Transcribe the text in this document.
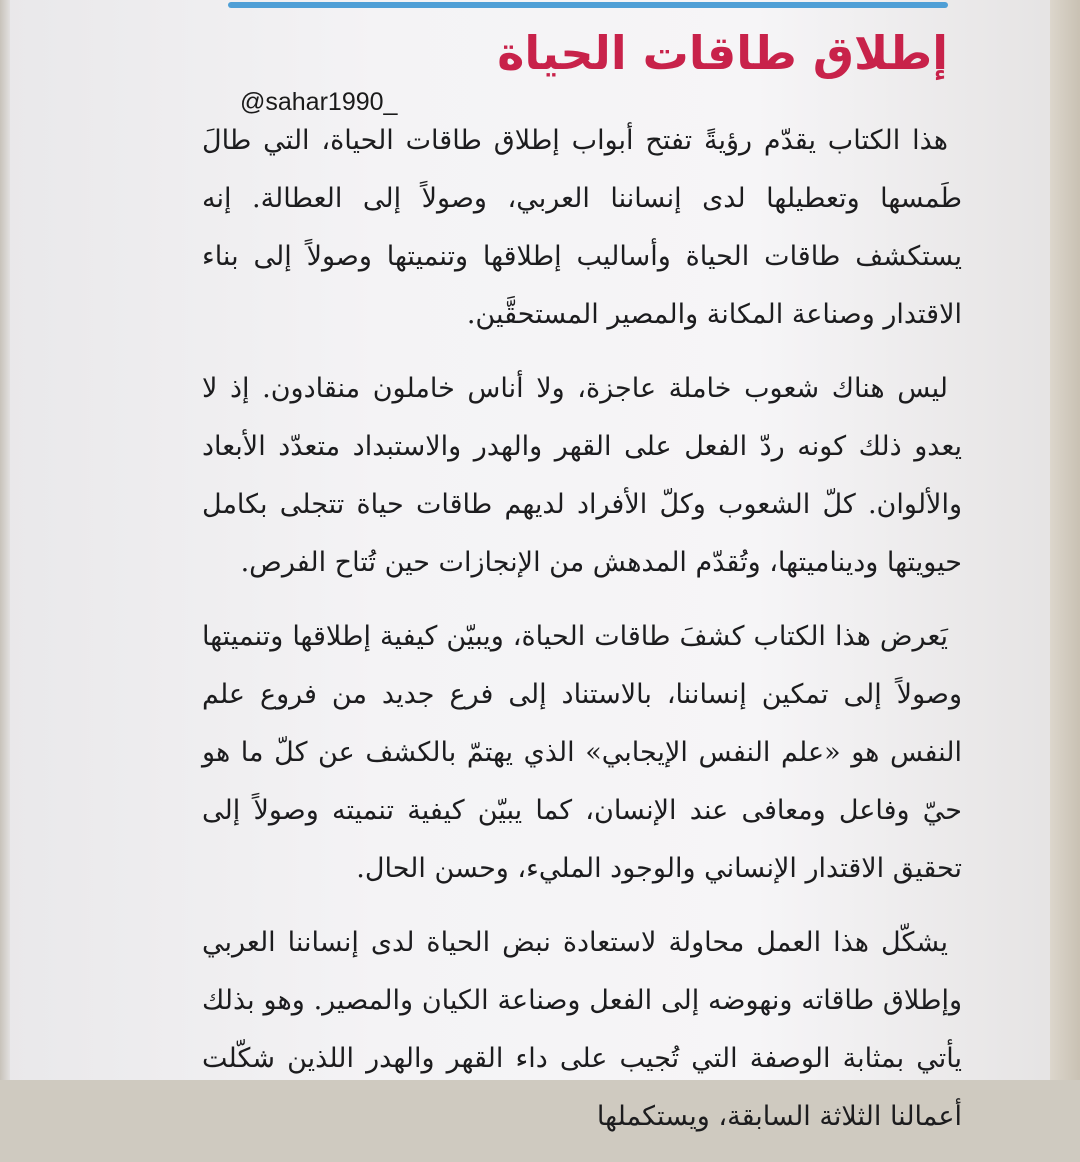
إطلاق طاقات الحياة
@sahar1990_

هذا الكتاب يقدّم رؤيةً تفتح أبواب إطلاق طاقات الحياة، التي طالَ طَمسها وتعطيلها لدى إنساننا العربي، وصولاً إلى العطالة. إنه يستكشف طاقات الحياة وأساليب إطلاقها وتنميتها وصولاً إلى بناء الاقتدار وصناعة المكانة والمصير المستحقَّين.

ليس هناك شعوب خاملة عاجزة، ولا أناس خاملون منقادون. إذ لا يعدو ذلك كونه ردّ الفعل على القهر والهدر والاستبداد متعدّد الأبعاد والألوان. كلّ الشعوب وكلّ الأفراد لديهم طاقات حياة تتجلى بكامل حيويتها وديناميتها، وتُقدّم المدهش من الإنجازات حين تُتاح الفرص.

يَعرض هذا الكتاب كشفَ طاقات الحياة، ويبيّن كيفية إطلاقها وتنميتها وصولاً إلى تمكين إنساننا، بالاستناد إلى فرع جديد من فروع علم النفس هو «علم النفس الإيجابي» الذي يهتمّ بالكشف عن كلّ ما هو حيّ وفاعل ومعافى عند الإنسان، كما يبيّن كيفية تنميته وصولاً إلى تحقيق الاقتدار الإنساني والوجود المليء، وحسن الحال.

يشكّل هذا العمل محاولة لاستعادة نبض الحياة لدى إنساننا العربي وإطلاق طاقاته ونهوضه إلى الفعل وصناعة الكيان والمصير. وهو بذلك يأتي بمثابة الوصفة التي تُجيب على داء القهر والهدر اللذين شكّلت أعمالنا الثلاثة السابقة، ويستكملها
